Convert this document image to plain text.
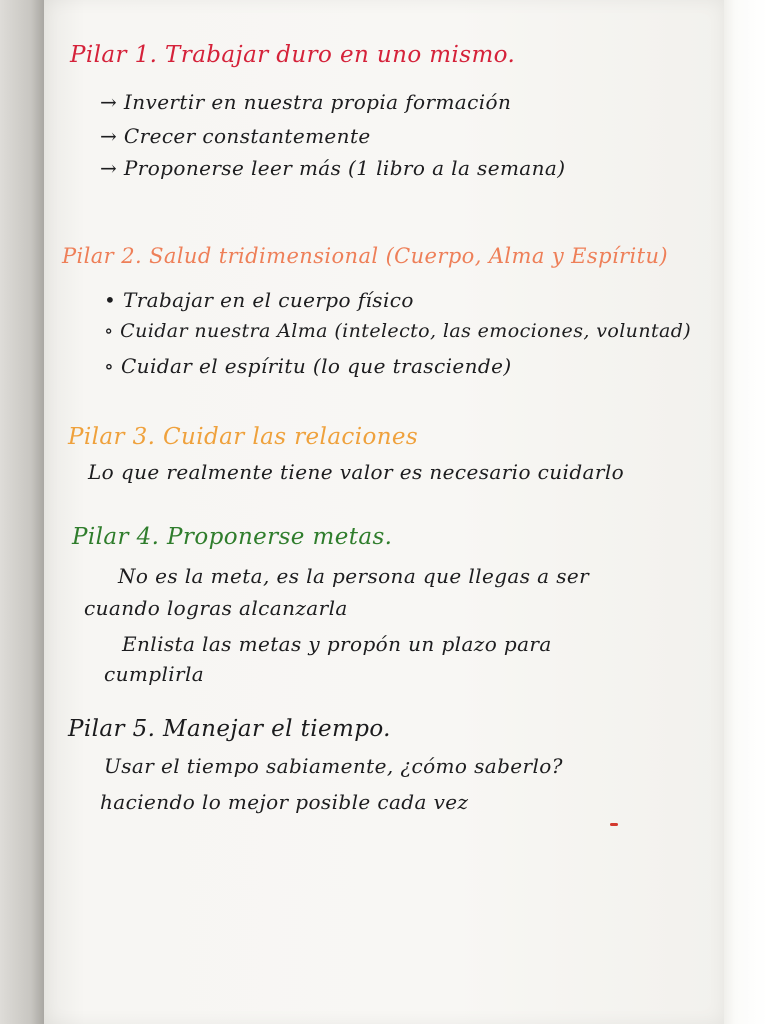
Pilar 1. Trabajar duro en uno mismo.
→ Invertir en nuestra propia formación
→ Crecer constantemente
→ Proponerse leer más (1 libro a la semana)
Pilar 2. Salud tridimensional (Cuerpo, Alma y Espíritu)
• Trabajar en el cuerpo físico
∘ Cuidar nuestra Alma (intelecto, las emociones, voluntad)
∘ Cuidar el espíritu (lo que trasciende)
Pilar 3. Cuidar las relaciones
Lo que realmente tiene valor es necesario cuidarlo
Pilar 4. Proponerse metas.
No es la meta, es la persona que llegas a ser
cuando logras alcanzarla
Enlista las metas y propón un plazo para
cumplirla
Pilar 5. Manejar el tiempo.
Usar el tiempo sabiamente, ¿cómo saberlo?
haciendo lo mejor posible cada vez
